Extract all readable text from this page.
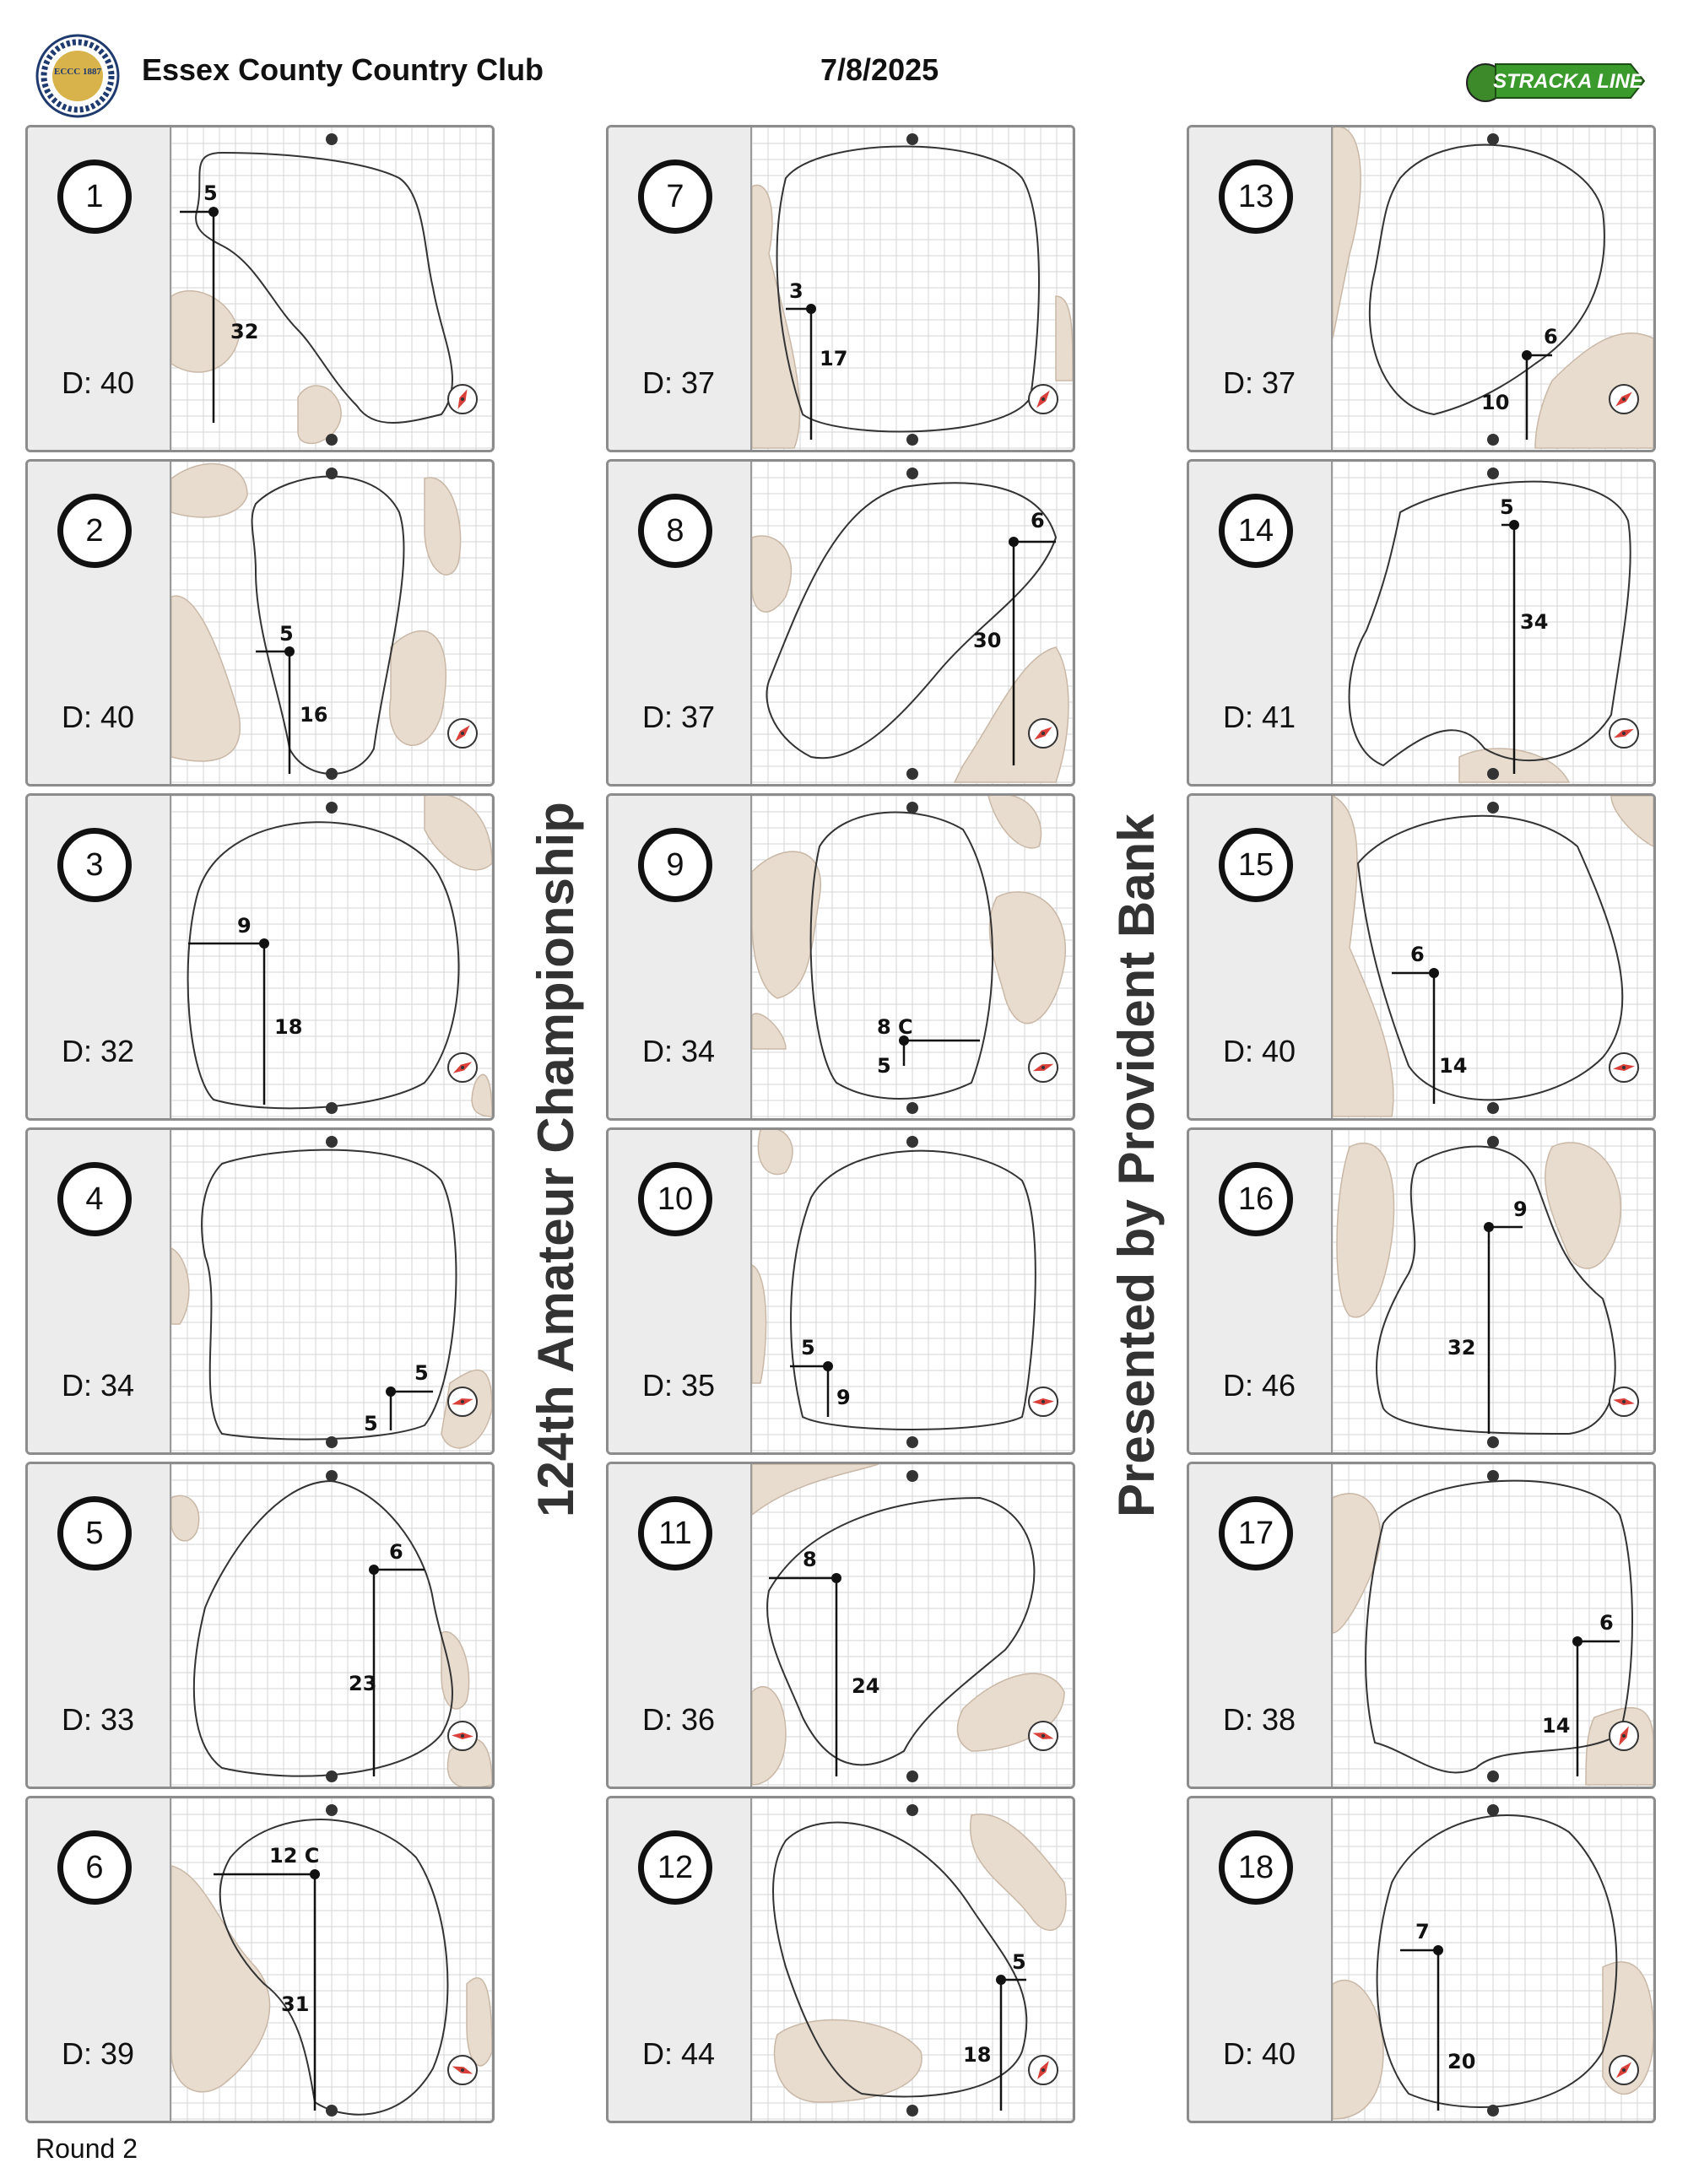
ECCC 1887 Essex County Country Club	7/8/2025	STRACKA LINE
124th Amateur Championship	Presented by Provident Bank
1
D: 40
5
32
2
D: 40
5
16
3
D: 32
9
18
4
D: 34	5
5
5
D: 33
6
23
6
D: 39
12 C
31
7
D: 37
3
17
8
D: 37
6
30
9
D: 34
8 C
5
10
D: 35
5
9
11
D: 36
8
24
12
D: 44
5
18
13
D: 37
6
10
14
D: 41
5
34
15
D: 40
6
14
16
D: 46
9
32
17
D: 38
6
14
18
D: 40
7
20
Round 2
